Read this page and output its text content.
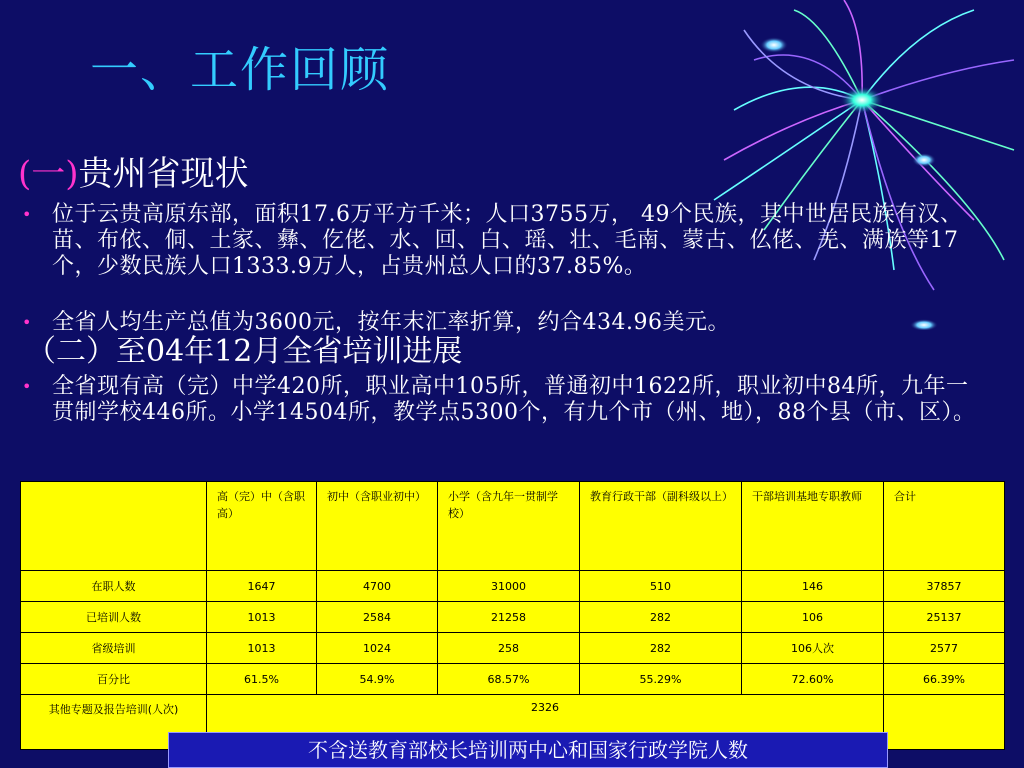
一、工作回顾
(一)贵州省现状
• 位于云贵高原东部，面积17.6万平方千米；人口3755万， 49个民族，其中世居民族有汉、苗、布依、侗、土家、彝、仡佬、水、回、白、瑶、壮、毛南、蒙古、仫佬、羌、满族等17个，少数民族人口1333.9万人，占贵州总人口的37.85%。
• 全省人均生产总值为3600元，按年末汇率折算，约合434.96美元。
（二）至04年12月全省培训进展
• 全省现有高（完）中学420所，职业高中105所，普通初中1622所，职业初中84所，九年一贯制学校446所。小学14504所，教学点5300个，有九个市（州、地），88个县（市、区）。
	高（完）中（含职高）	初中（含职业初中）	小学（含九年一贯制学校）	教育行政干部（副科级以上）	干部培训基地专职教师	合计
在职人数	1647	4700	31000	510	146	37857
已培训人数	1013	2584	21258	282	106	25137
省级培训	1013	1024	258	282	106人次	2577
百分比	61.5%	54.9%	68.57%	55.29%	72.60%	66.39%
其他专题及报告培训(人次)	2326					
不含送教育部校长培训两中心和国家行政学院人数
